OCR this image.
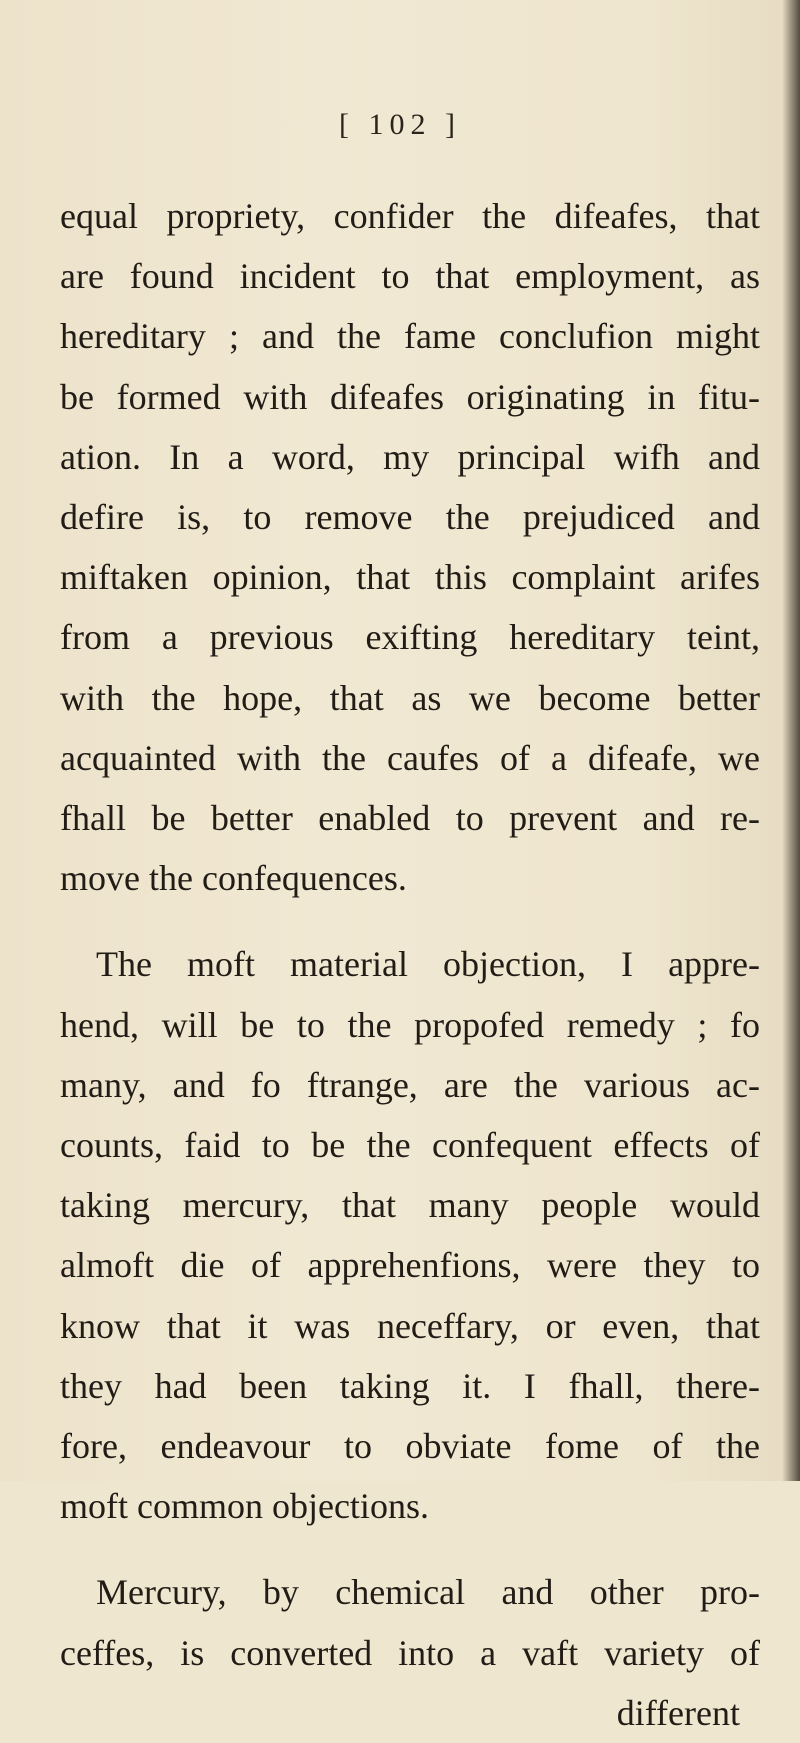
[ 102 ]
equal propriety, confider the difeafes, that
are found incident to that employment, as
hereditary ; and the fame conclufion might
be formed with difeafes originating in fitu-
ation. In a word, my principal wifh and
defire is, to remove the prejudiced and
miftaken opinion, that this complaint arifes
from a previous exifting hereditary teint,
with the hope, that as we become better
acquainted with the caufes of a difeafe, we
fhall be better enabled to prevent and re-
move the confequences.
The moft material objection, I appre-
hend, will be to the propofed remedy ; fo
many, and fo ftrange, are the various ac-
counts, faid to be the confequent effects of
taking mercury, that many people would
almoft die of apprehenfions, were they to
know that it was neceffary, or even, that
they had been taking it. I fhall, there-
fore, endeavour to obviate fome of the
moft common objections.
Mercury, by chemical and other pro-
ceffes, is converted into a vaft variety of
different
